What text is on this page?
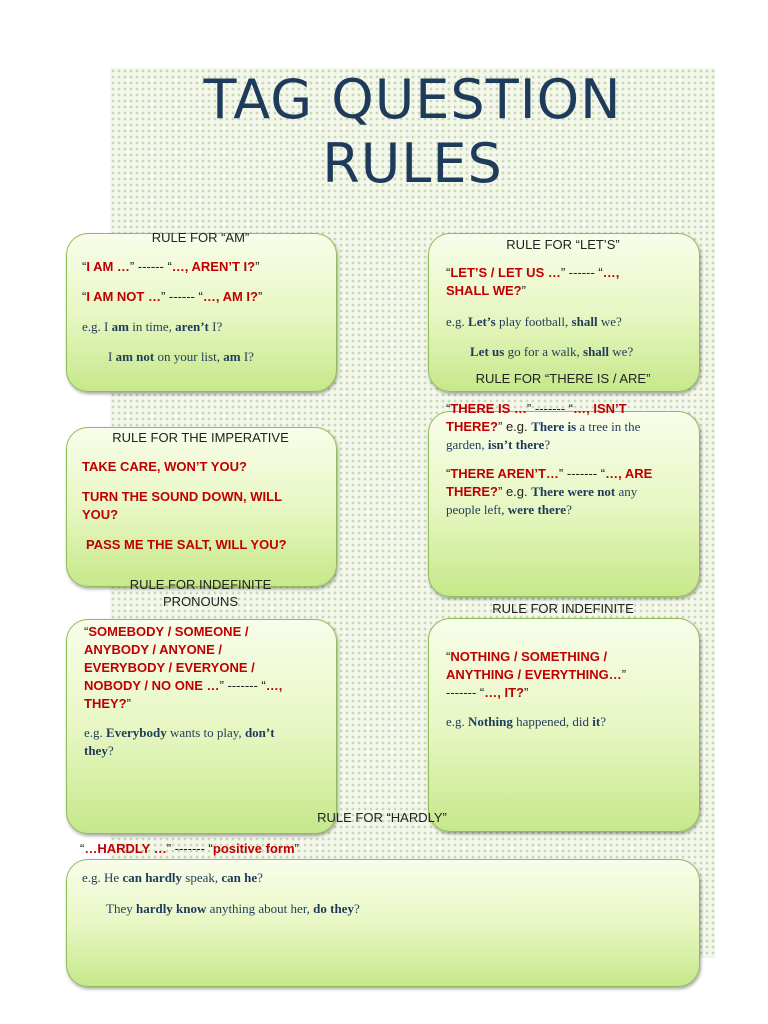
TAG QUESTION
RULES
RULE FOR “AM”
“I AM …” ------ “…, AREN’T I?”
“I AM NOT …” ------ “…, AM I?”
e.g. I am in time, aren’t I?
I am not on your list, am I?
RULE FOR “LET’S”
“LET’S / LET US …” ------ “…,
SHALL WE?”
e.g. Let’s play football, shall we?
Let us go for a walk, shall we?
RULE FOR THE IMPERATIVE
TAKE CARE, WON’T YOU?
TURN THE SOUND DOWN, WILL
YOU?
PASS ME THE SALT, WILL YOU?
RULE FOR “THERE IS / ARE”
“THERE IS …” ------- “…, ISN’T
THERE?” e.g. There is a tree in the
garden, isn’t there?
“THERE AREN’T…” ------- “…, ARE
THERE?” e.g. There were not any
people left, were there?
RULE FOR INDEFINITE
PRONOUNS
“SOMEBODY / SOMEONE /
ANYBODY / ANYONE /
EVERYBODY / EVERYONE /
NOBODY / NO ONE …” ------- “…,
THEY?”
e.g. Everybody wants to play, don’t
they?
RULE FOR INDEFINITE
“NOTHING / SOMETHING /
ANYTHING / EVERYTHING…”
------- “…, IT?”
e.g. Nothing happened, did it?
RULE FOR “HARDLY”
“…HARDLY …” ------- “positive form”
e.g. He can hardly speak, can he?
They hardly know anything about her, do they?
